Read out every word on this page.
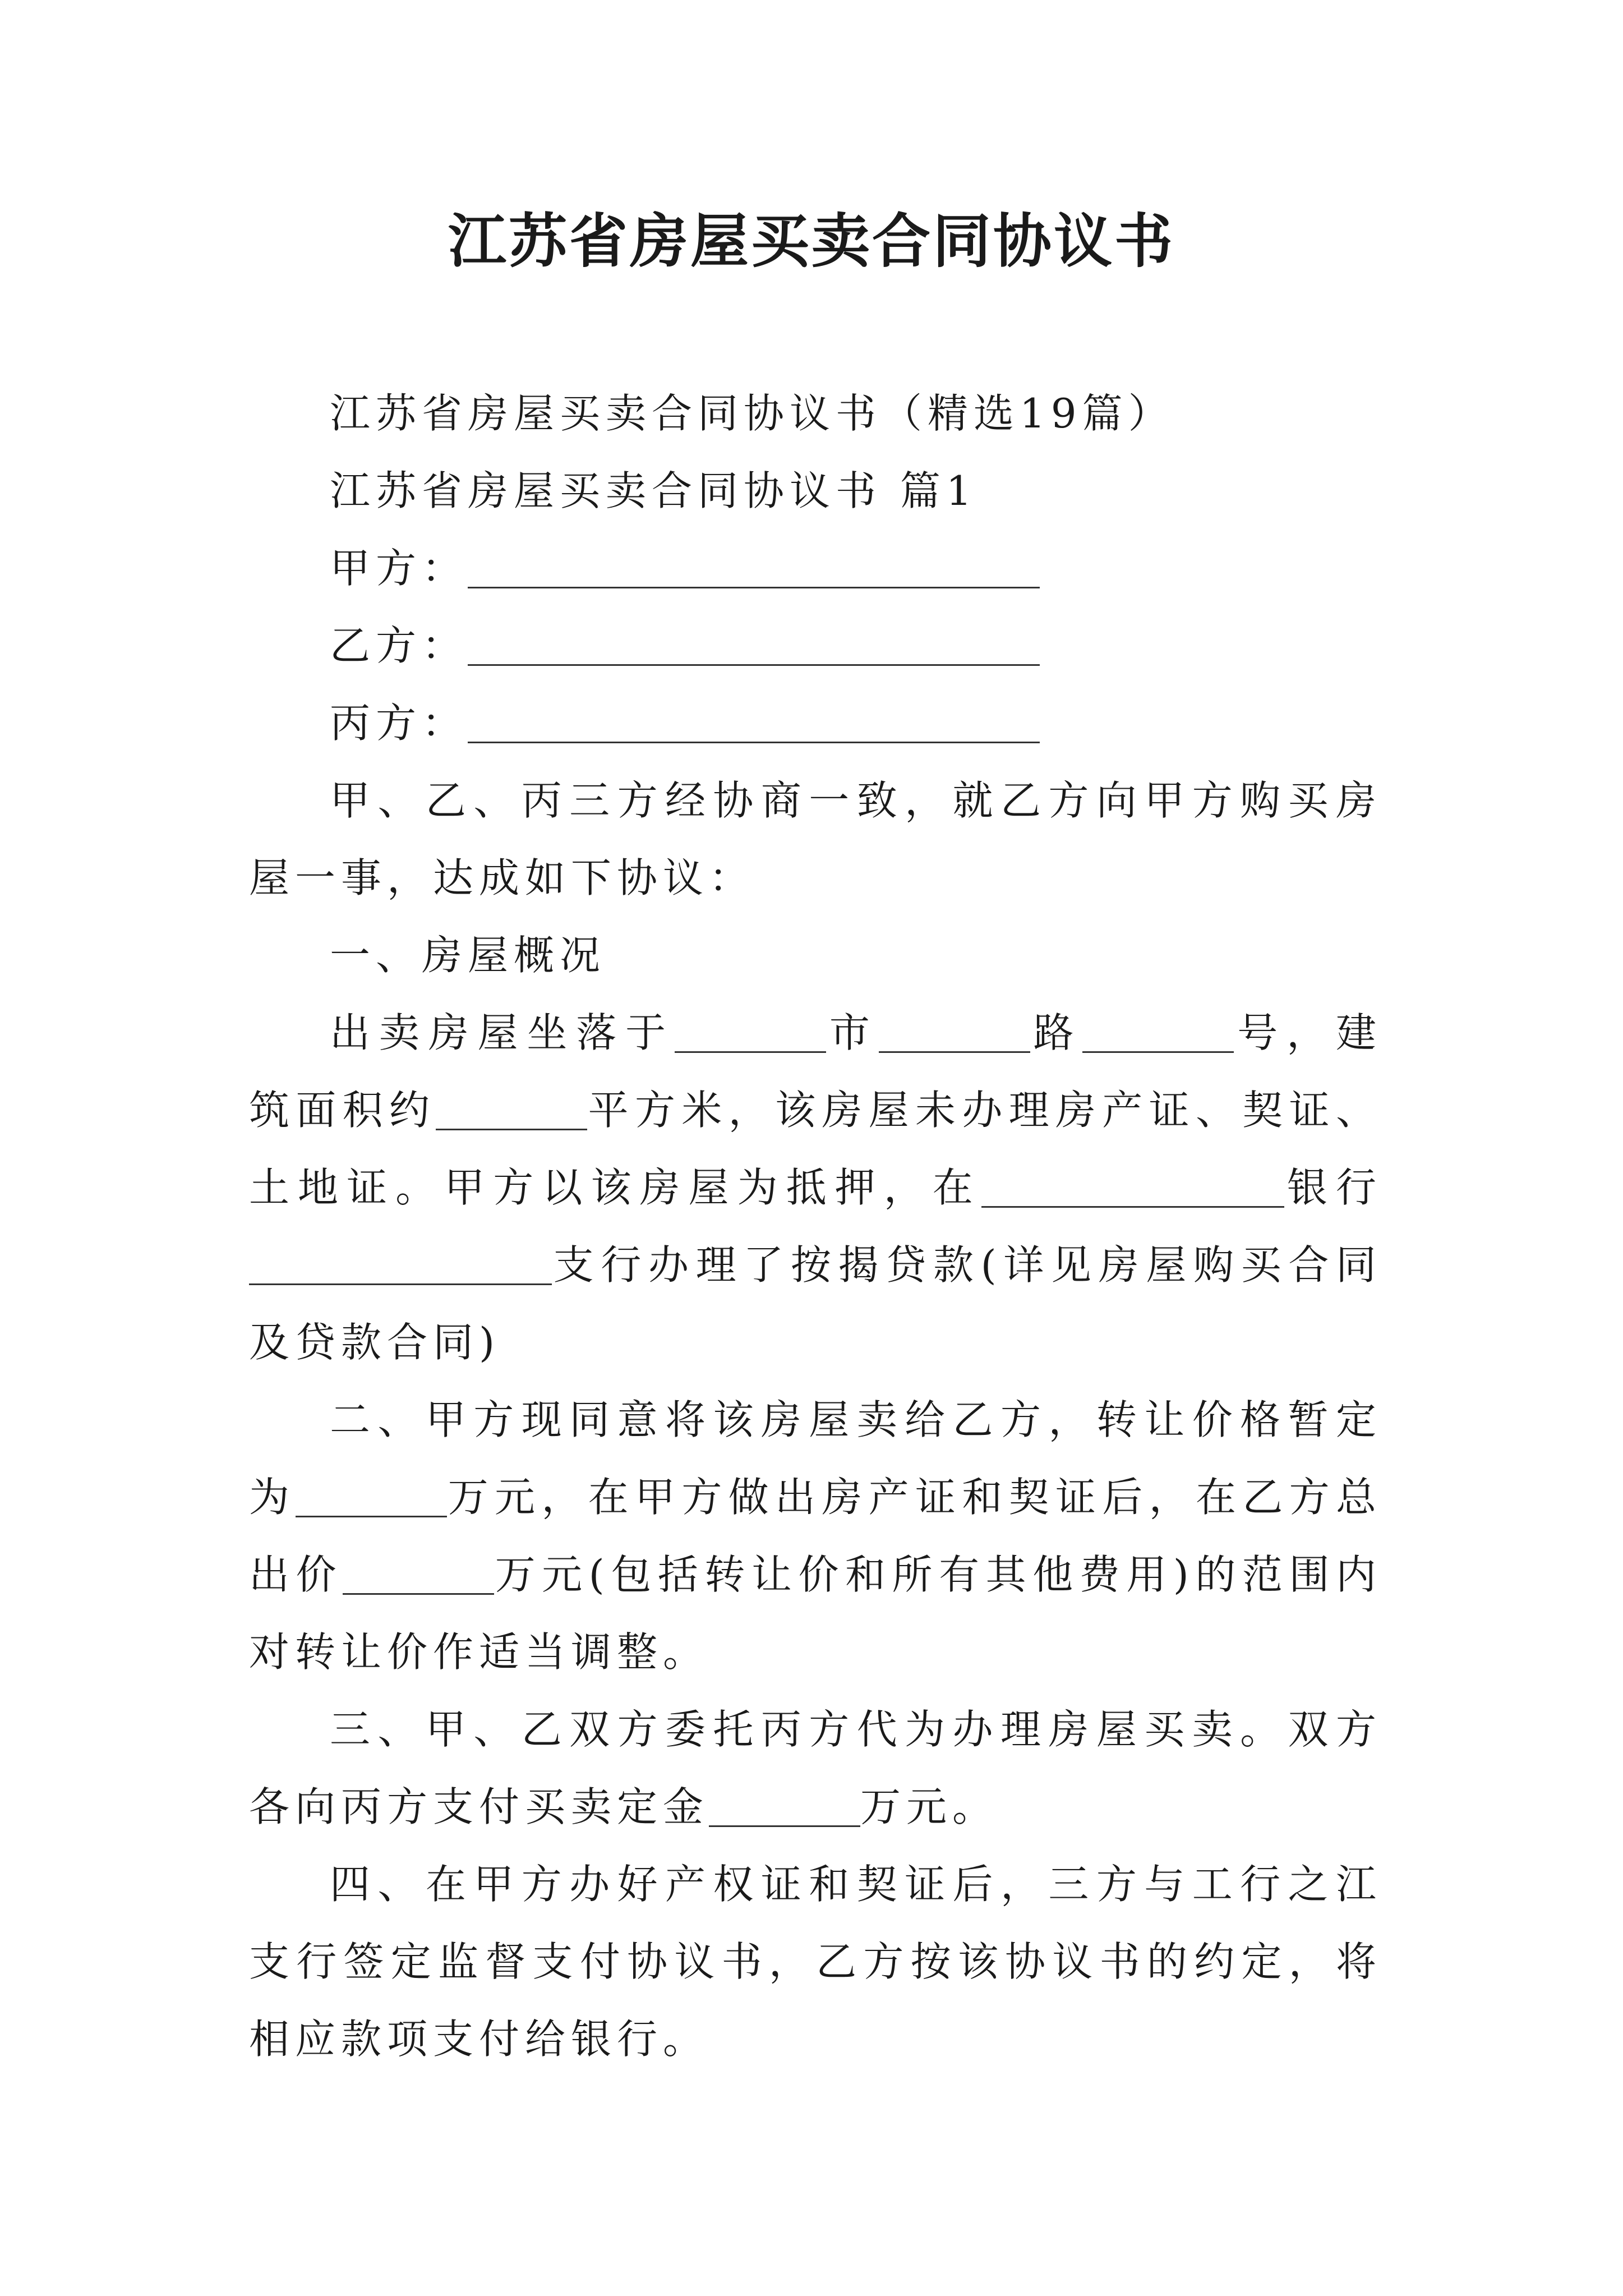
江苏省房屋买卖合同协议书

江苏省房屋买卖合同协议书（精选19篇）

江苏省房屋买卖合同协议书 篇1

甲方：

乙方：

丙方：

甲、乙、丙三方经协商一致，就乙方向甲方购买房屋一事，达成如下协议：

一、房屋概况

出卖房屋坐落于	市	路	号，建筑面积约	平方米，该房屋未办理房产证、契证、土地证。甲方以该房屋为抵押，在	银行支行办理了按揭贷款(详见房屋购买合同及贷款合同)

二、甲方现同意将该房屋卖给乙方，转让价格暂定为	万元，在甲方做出房产证和契证后，在乙方总出价	万元(包括转让价和所有其他费用)的范围内对转让价作适当调整。

三、甲、乙双方委托丙方代为办理房屋买卖。双方各向丙方支付买卖定金	万元。

四、在甲方办好产权证和契证后，三方与工行之江支行签定监督支付协议书，乙方按该协议书的约定，将相应款项支付给银行。
